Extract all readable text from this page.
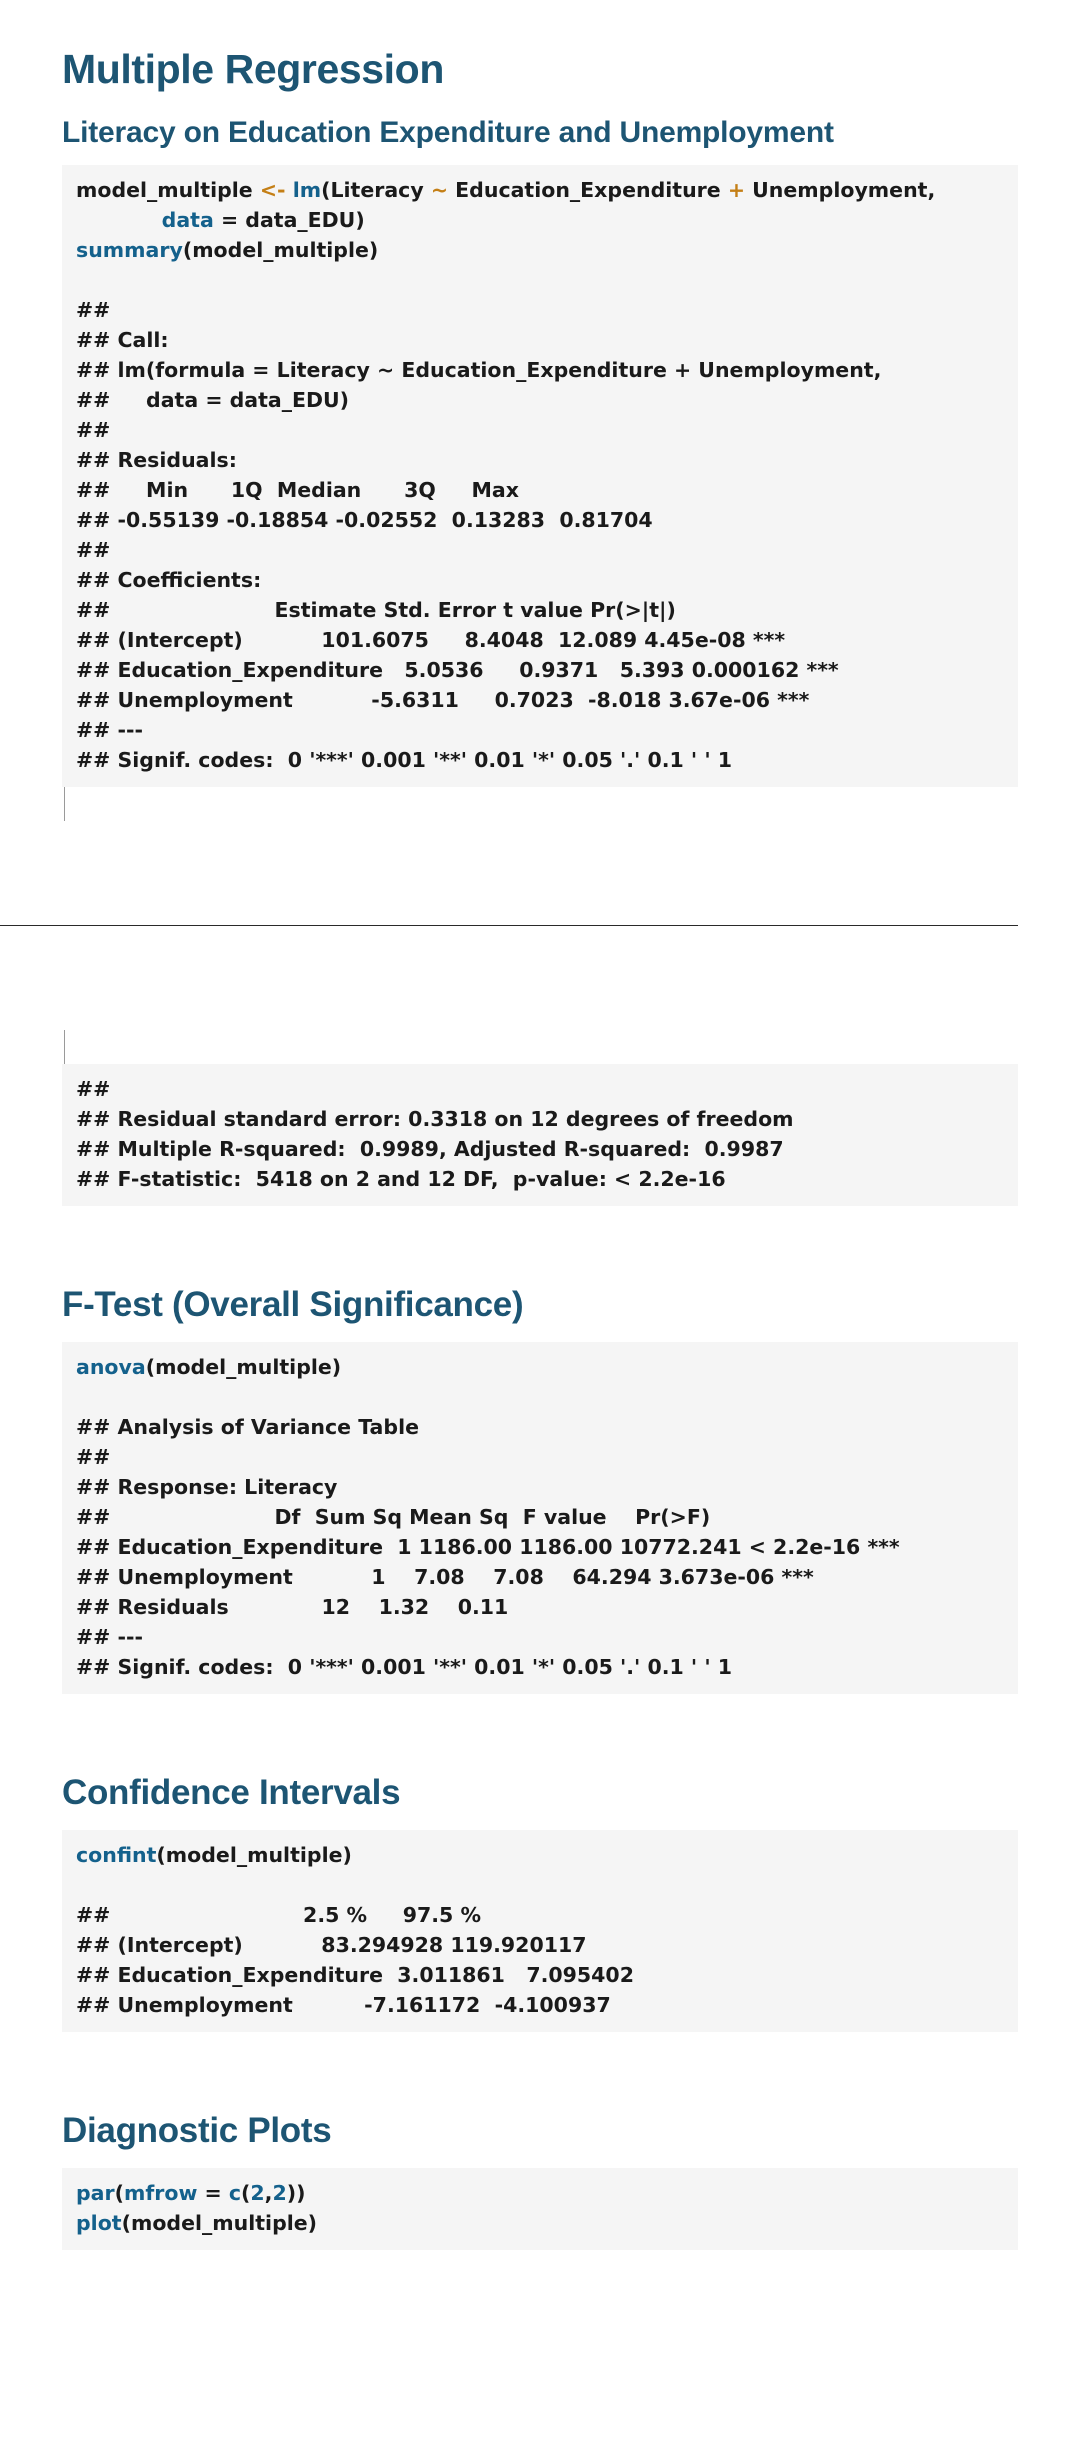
Multiple Regression
Literacy on Education Expenditure and Unemployment
model_multiple <- lm(Literacy ~ Education_Expenditure + Unemployment,
data = data_EDU)
summary(model_multiple)
##
## Call:
## lm(formula = Literacy ~ Education_Expenditure + Unemployment,
##     data = data_EDU)
##
## Residuals:
##     Min      1Q  Median      3Q     Max
## -0.55139 -0.18854 -0.02552  0.13283  0.81704
##
## Coefficients:
##                       Estimate Std. Error t value Pr(>|t|)
## (Intercept)           101.6075     8.4048  12.089 4.45e-08 ***
## Education_Expenditure   5.0536     0.9371   5.393 0.000162 ***
## Unemployment           -5.6311     0.7023  -8.018 3.67e-06 ***
## ---
## Signif. codes:  0 '***' 0.001 '**' 0.01 '*' 0.05 '.' 0.1 ' ' 1
##
## Residual standard error: 0.3318 on 12 degrees of freedom
## Multiple R-squared:  0.9989, Adjusted R-squared:  0.9987
## F-statistic:  5418 on 2 and 12 DF,  p-value: < 2.2e-16
F-Test (Overall Significance)
anova(model_multiple)
## Analysis of Variance Table
##
## Response: Literacy
##                       Df  Sum Sq Mean Sq  F value    Pr(>F)
## Education_Expenditure  1 1186.00 1186.00 10772.241 < 2.2e-16 ***
## Unemployment           1    7.08    7.08    64.294 3.673e-06 ***
## Residuals             12    1.32    0.11
## ---
## Signif. codes:  0 '***' 0.001 '**' 0.01 '*' 0.05 '.' 0.1 ' ' 1
Confidence Intervals
confint(model_multiple)
##                           2.5 %     97.5 %
## (Intercept)           83.294928 119.920117
## Education_Expenditure  3.011861   7.095402
## Unemployment          -7.161172  -4.100937
Diagnostic Plots
par(mfrow = c(2,2))
plot(model_multiple)
